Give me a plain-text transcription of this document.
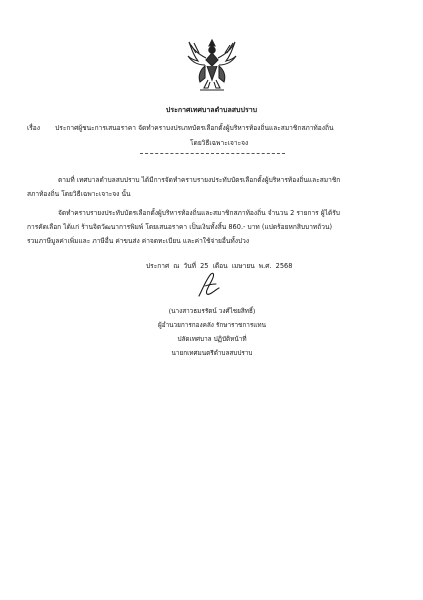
ประกาศเทศบาลตำบลสบปราบ
เรื่อง ประกาศผู้ชนะการเสนอราคา จัดทำคราบงปรเภทบัตรเลือกตั้งผู้บริหารท้องถิ่นและสมาชิกสภาท้องถิ่น
โดยวิธีเฉพาะเจาะจง
ตามที่ เทศบาลตำบลสบปราบ ได้มีการจัดทำคราบรายงประทับบัตรเลือกตั้งผู้บริหารท้องถิ่นและสมาชิก
สภาท้องถิ่น โดยวิธีเฉพาะเจาะจง นั้น
จัดทำคราบรายงประทับบัตรเลือกตั้งผู้บริหารท้องถิ่นและสมาชิกสภาท้องถิ่น จำนวน 2 รายการ ผู้ได้รับ
การคัดเลือก ได้แก่ ร้านจิตวัฒนาการพิมพ์ โดยเสนอราคา เป็นเงินทั้งสิ้น 860.- บาท (แปดร้อยหกสิบบาทถ้วน)
รวมภาษีมูลค่าเพิ่มและ ภาษีอื่น ค่าขนส่ง ค่าจดทะเบียน และค่าใช้จ่ายอื่นทั้งปวง
ประกาศ ณ วันที่ 25 เดือน เมษายน พ.ศ. 2568
(นางสาวธมรรัตน์ วงศ์ไชยสิทธิ์)
ผู้อำนวยการกองคลัง รักษาราชการแทน
ปลัดเทศบาล ปฏิบัติหน้าที่
นายกเทศมนตรีตำบลสบปราบ
